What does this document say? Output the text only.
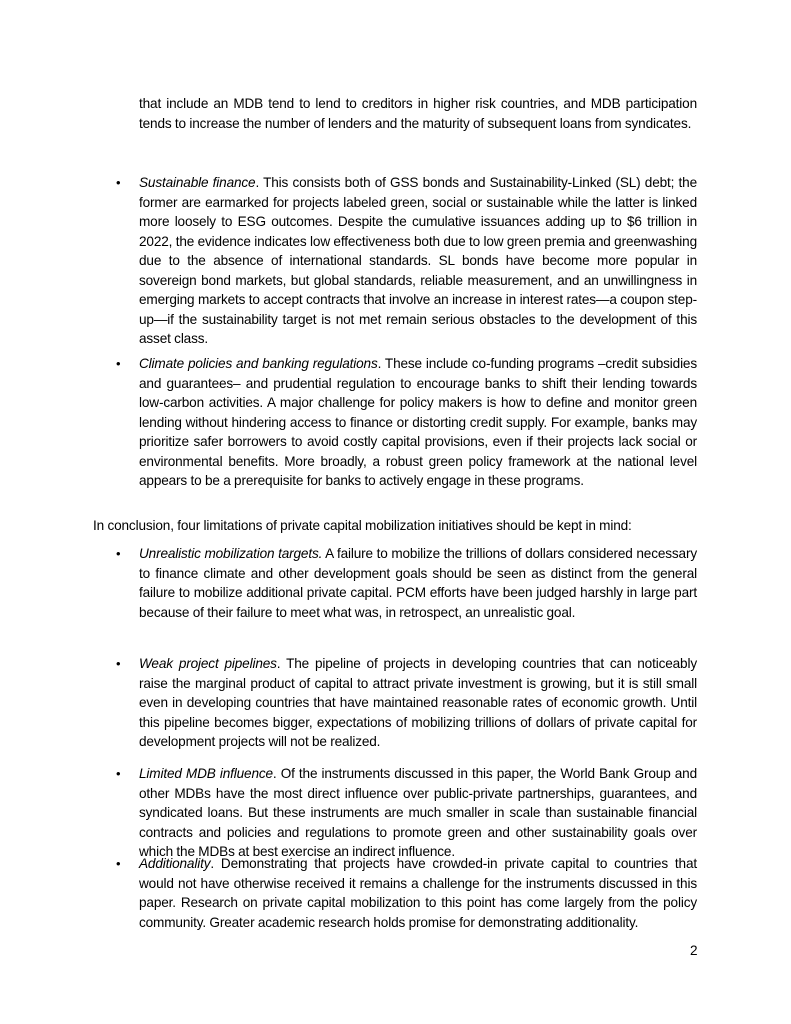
that include an MDB tend to lend to creditors in higher risk countries, and MDB participation tends to increase the number of lenders and the maturity of subsequent loans from syndicates.
• Sustainable finance. This consists both of GSS bonds and Sustainability-Linked (SL) debt; the former are earmarked for projects labeled green, social or sustainable while the latter is linked more loosely to ESG outcomes. Despite the cumulative issuances adding up to $6 trillion in 2022, the evidence indicates low effectiveness both due to low green premia and greenwashing due to the absence of international standards. SL bonds have become more popular in sovereign bond markets, but global standards, reliable measurement, and an unwillingness in emerging markets to accept contracts that involve an increase in interest rates—a coupon step-up—if the sustainability target is not met remain serious obstacles to the development of this asset class.
• Climate policies and banking regulations. These include co-funding programs –credit subsidies and guarantees– and prudential regulation to encourage banks to shift their lending towards low-carbon activities. A major challenge for policy makers is how to define and monitor green lending without hindering access to finance or distorting credit supply. For example, banks may prioritize safer borrowers to avoid costly capital provisions, even if their projects lack social or environmental benefits. More broadly, a robust green policy framework at the national level appears to be a prerequisite for banks to actively engage in these programs.
In conclusion, four limitations of private capital mobilization initiatives should be kept in mind:
• Unrealistic mobilization targets. A failure to mobilize the trillions of dollars considered necessary to finance climate and other development goals should be seen as distinct from the general failure to mobilize additional private capital. PCM efforts have been judged harshly in large part because of their failure to meet what was, in retrospect, an unrealistic goal.
• Weak project pipelines. The pipeline of projects in developing countries that can noticeably raise the marginal product of capital to attract private investment is growing, but it is still small even in developing countries that have maintained reasonable rates of economic growth. Until this pipeline becomes bigger, expectations of mobilizing trillions of dollars of private capital for development projects will not be realized.
• Limited MDB influence. Of the instruments discussed in this paper, the World Bank Group and other MDBs have the most direct influence over public-private partnerships, guarantees, and syndicated loans. But these instruments are much smaller in scale than sustainable financial contracts and policies and regulations to promote green and other sustainability goals over which the MDBs at best exercise an indirect influence.
• Additionality. Demonstrating that projects have crowded-in private capital to countries that would not have otherwise received it remains a challenge for the instruments discussed in this paper. Research on private capital mobilization to this point has come largely from the policy community. Greater academic research holds promise for demonstrating additionality.
2
